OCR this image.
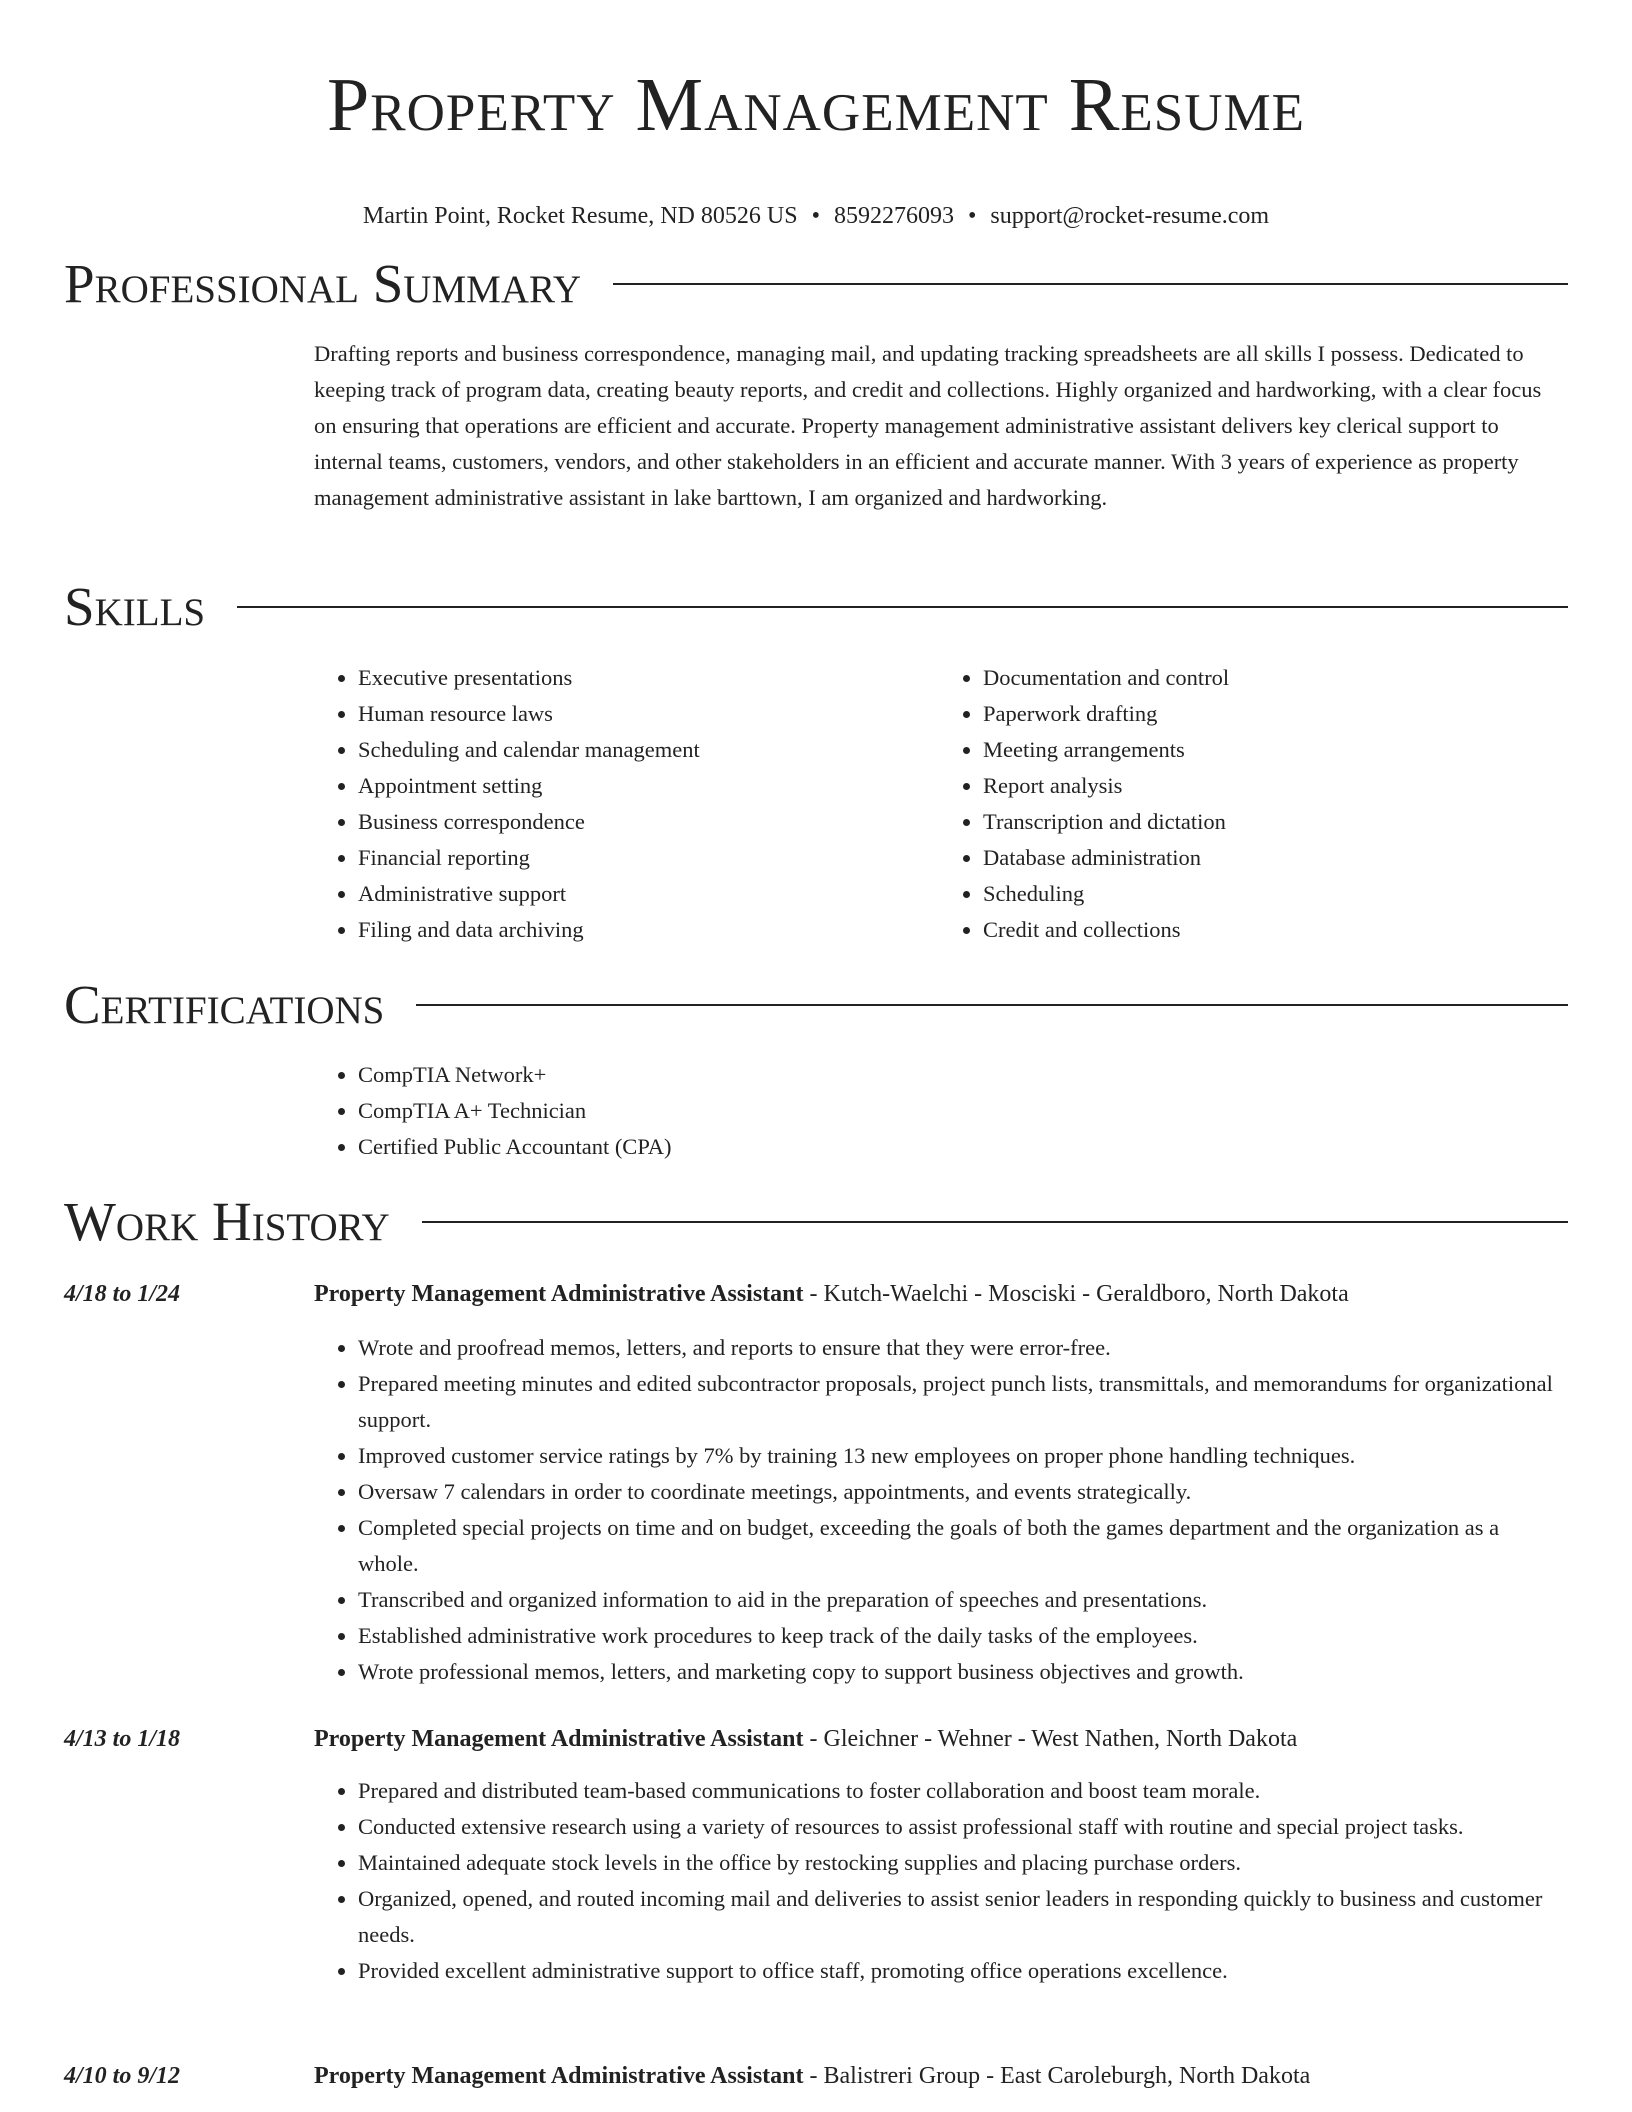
Property Management Resume
Martin Point, Rocket Resume, ND 80526 US • 8592276093 • support@rocket-resume.com
Professional Summary
Drafting reports and business correspondence, managing mail, and updating tracking spreadsheets are all skills I possess. Dedicated to keeping track of program data, creating beauty reports, and credit and collections. Highly organized and hardworking, with a clear focus on ensuring that operations are efficient and accurate. Property management administrative assistant delivers key clerical support to internal teams, customers, vendors, and other stakeholders in an efficient and accurate manner. With 3 years of experience as property management administrative assistant in lake barttown, I am organized and hardworking.
Skills
• Executive presentations
• Human resource laws
• Scheduling and calendar management
• Appointment setting
• Business correspondence
• Financial reporting
• Administrative support
• Filing and data archiving
• Documentation and control
• Paperwork drafting
• Meeting arrangements
• Report analysis
• Transcription and dictation
• Database administration
• Scheduling
• Credit and collections
Certifications
• CompTIA Network+
• CompTIA A+ Technician
• Certified Public Accountant (CPA)
Work History
4/18 to 1/24	Property Management Administrative Assistant - Kutch-Waelchi - Mosciski - Geraldboro, North Dakota
• Wrote and proofread memos, letters, and reports to ensure that they were error-free.
• Prepared meeting minutes and edited subcontractor proposals, project punch lists, transmittals, and memorandums for organizational support.
• Improved customer service ratings by 7% by training 13 new employees on proper phone handling techniques.
• Oversaw 7 calendars in order to coordinate meetings, appointments, and events strategically.
• Completed special projects on time and on budget, exceeding the goals of both the games department and the organization as a whole.
• Transcribed and organized information to aid in the preparation of speeches and presentations.
• Established administrative work procedures to keep track of the daily tasks of the employees.
• Wrote professional memos, letters, and marketing copy to support business objectives and growth.
4/13 to 1/18	Property Management Administrative Assistant - Gleichner - Wehner - West Nathen, North Dakota
• Prepared and distributed team-based communications to foster collaboration and boost team morale.
• Conducted extensive research using a variety of resources to assist professional staff with routine and special project tasks.
• Maintained adequate stock levels in the office by restocking supplies and placing purchase orders.
• Organized, opened, and routed incoming mail and deliveries to assist senior leaders in responding quickly to business and customer needs.
• Provided excellent administrative support to office staff, promoting office operations excellence.
4/10 to 9/12	Property Management Administrative Assistant - Balistreri Group - East Caroleburgh, North Dakota
